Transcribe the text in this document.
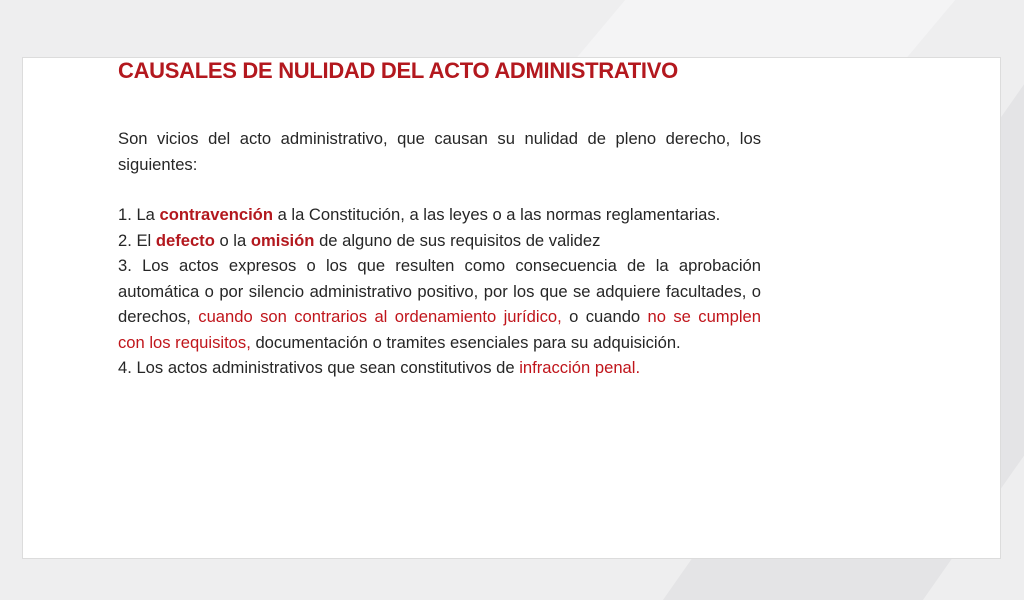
CAUSALES DE NULIDAD DEL ACTO ADMINISTRATIVO

Son vicios del acto administrativo, que causan su nulidad de pleno derecho, los siguientes:

1. La contravención a la Constitución, a las leyes o a las normas reglamentarias.

2. El defecto o la omisión de alguno de sus requisitos de validez

3. Los actos expresos o los que resulten como consecuencia de la aprobación automática o por silencio administrativo positivo, por los que se adquiere facultades, o derechos, cuando son contrarios al ordenamiento jurídico, o cuando no se cumplen con los requisitos, documentación o tramites esenciales para su adquisición.

4. Los actos administrativos que sean constitutivos de infracción penal.
